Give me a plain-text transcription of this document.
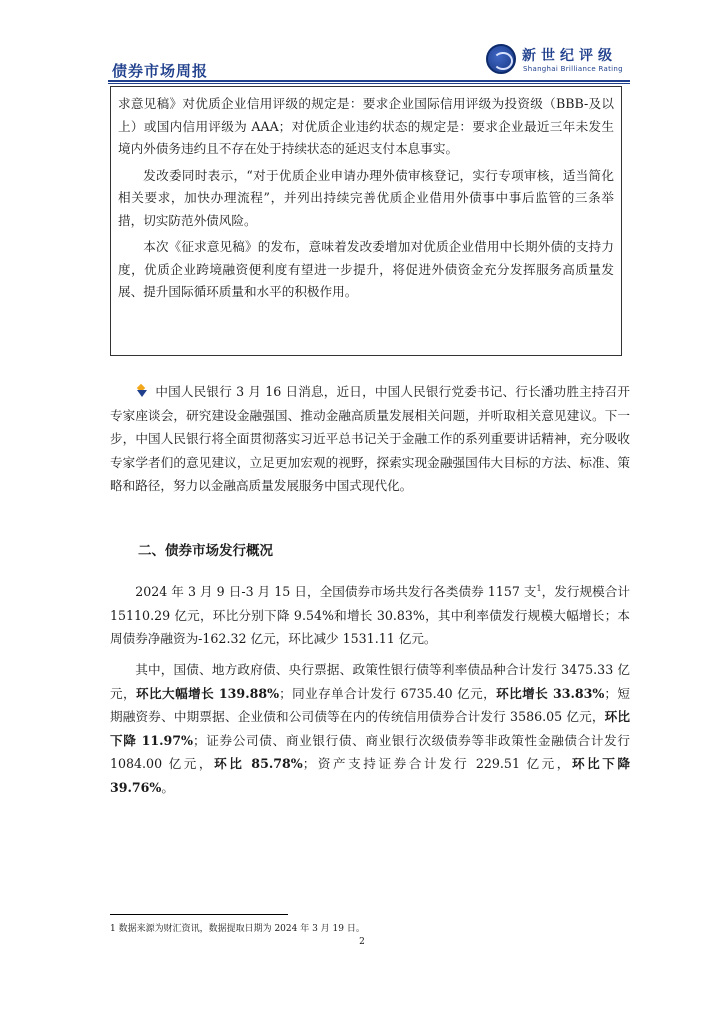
债券市场周报
新世纪评级
Shanghai Brilliance Rating

求意见稿》对优质企业信用评级的规定是：要求企业国际信用评级为投资级（BBB-及以上）或国内信用评级为 AAA；对优质企业违约状态的规定是：要求企业最近三年未发生境内外债务违约且不存在处于持续状态的延迟支付本息事实。

发改委同时表示，“对于优质企业申请办理外债审核登记，实行专项审核，适当简化相关要求，加快办理流程”，并列出持续完善优质企业借用外债事中事后监管的三条举措，切实防范外债风险。

本次《征求意见稿》的发布，意味着发改委增加对优质企业借用中长期外债的支持力度，优质企业跨境融资便利度有望进一步提升，将促进外债资金充分发挥服务高质量发展、提升国际循环质量和水平的积极作用。

中国人民银行 3 月 16 日消息，近日，中国人民银行党委书记、行长潘功胜主持召开专家座谈会，研究建设金融强国、推动金融高质量发展相关问题，并听取相关意见建议。下一步，中国人民银行将全面贯彻落实习近平总书记关于金融工作的系列重要讲话精神，充分吸收专家学者们的意见建议，立足更加宏观的视野，探索实现金融强国伟大目标的方法、标准、策略和路径，努力以金融高质量发展服务中国式现代化。

二、债券市场发行概况

2024 年 3 月 9 日-3 月 15 日，全国债券市场共发行各类债券 1157 支$^1$，发行规模合计 15110.29 亿元，环比分别下降 9.54%和增长 30.83%，其中利率债发行规模大幅增长；本周债券净融资为-162.32 亿元，环比减少 1531.11 亿元。

其中，国债、地方政府债、央行票据、政策性银行债等利率债品种合计发行 3475.33 亿元，环比大幅增长 139.88%；同业存单合计发行 6735.40 亿元，环比增长 33.83%；短期融资券、中期票据、企业债和公司债等在内的传统信用债券合计发行 3586.05 亿元，环比下降 11.97%；证券公司债、商业银行债、商业银行次级债券等非政策性金融债合计发行 1084.00 亿元，环比 85.78%；资产支持证券合计发行 229.51 亿元，环比下降 39.76%。

1 数据来源为财汇资讯，数据提取日期为 2024 年 3 月 19 日。

2
